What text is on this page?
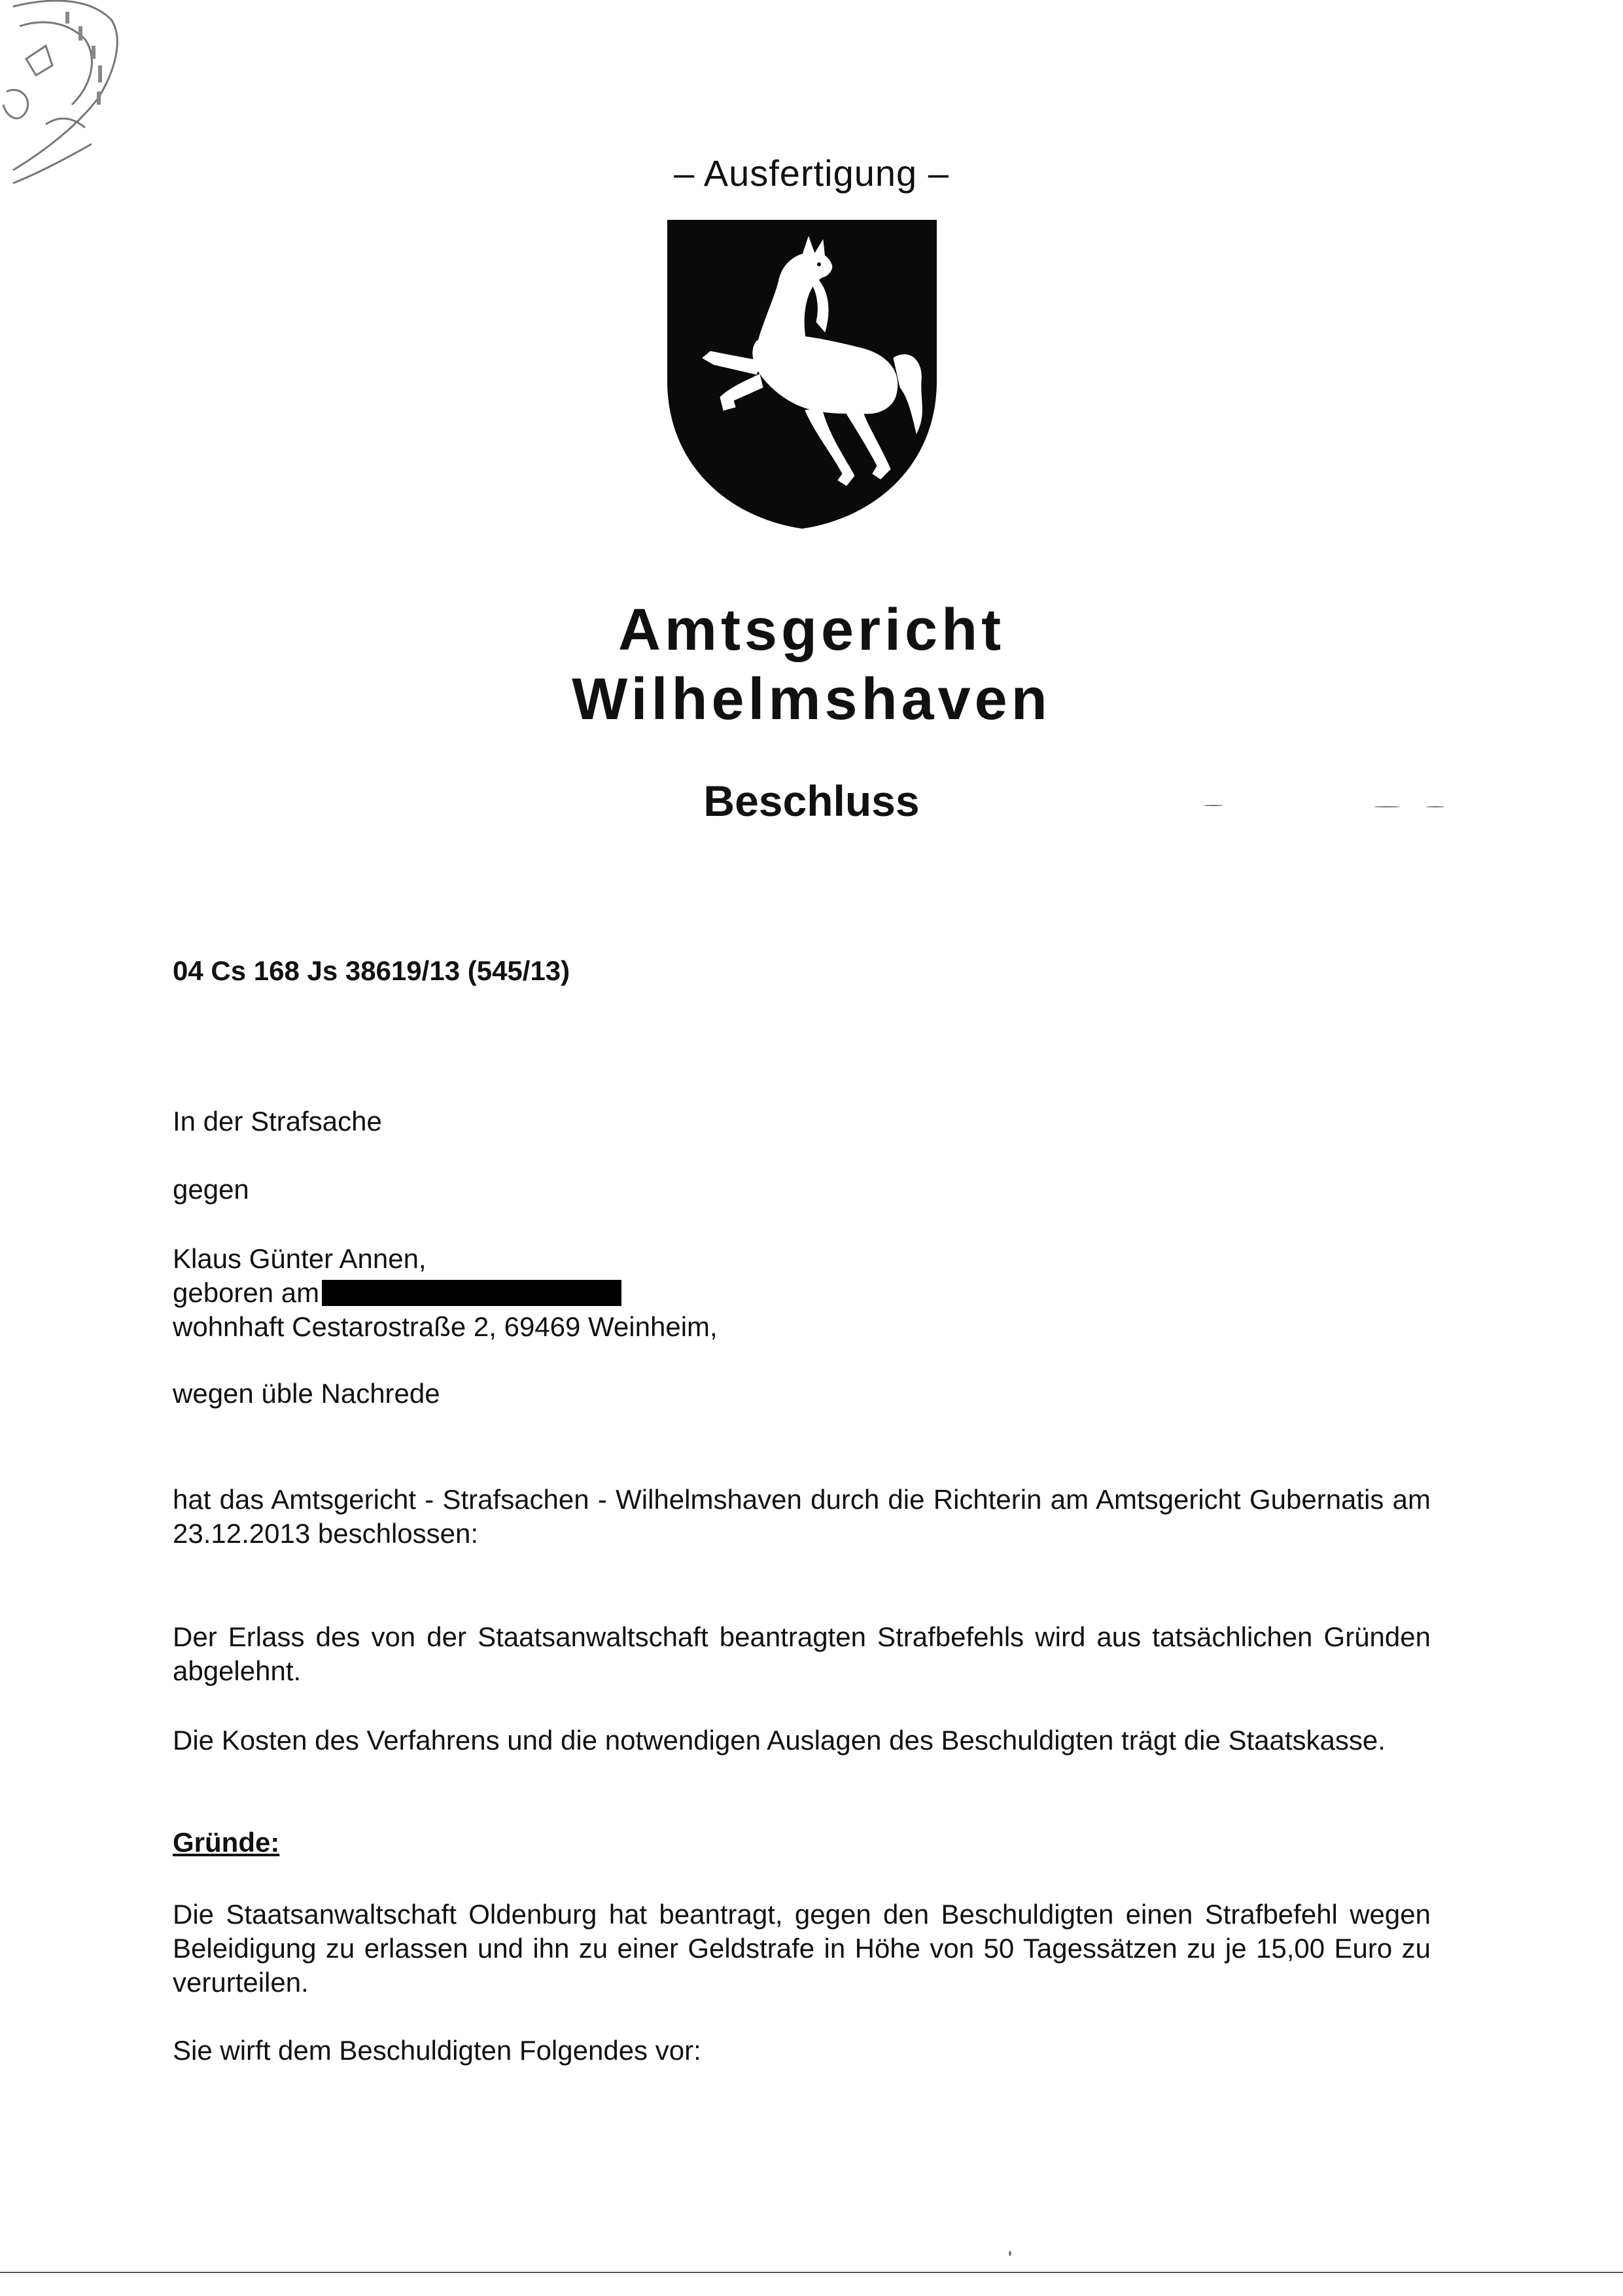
– Ausfertigung –
Amtsgericht
Wilhelmshaven
Beschluss
04 Cs 168 Js 38619/13 (545/13)
In der Strafsache
gegen
Klaus Günter Annen,
geboren am
wohnhaft Cestarostraße 2, 69469 Weinheim,
wegen üble Nachrede
hat das Amtsgericht - Strafsachen - Wilhelmshaven durch die Richterin am Amtsgericht Gubernatis am 23.12.2013 beschlossen:
Der Erlass des von der Staatsanwaltschaft beantragten Strafbefehls wird aus tatsächlichen Gründen abgelehnt.
Die Kosten des Verfahrens und die notwendigen Auslagen des Beschuldigten trägt die Staatskasse.
Gründe:
Die Staatsanwaltschaft Oldenburg hat beantragt, gegen den Beschuldigten einen Strafbefehl wegen Beleidigung zu erlassen und ihn zu einer Geldstrafe in Höhe von 50 Tagessätzen zu je 15,00 Euro zu verurteilen.
Sie wirft dem Beschuldigten Folgendes vor:
